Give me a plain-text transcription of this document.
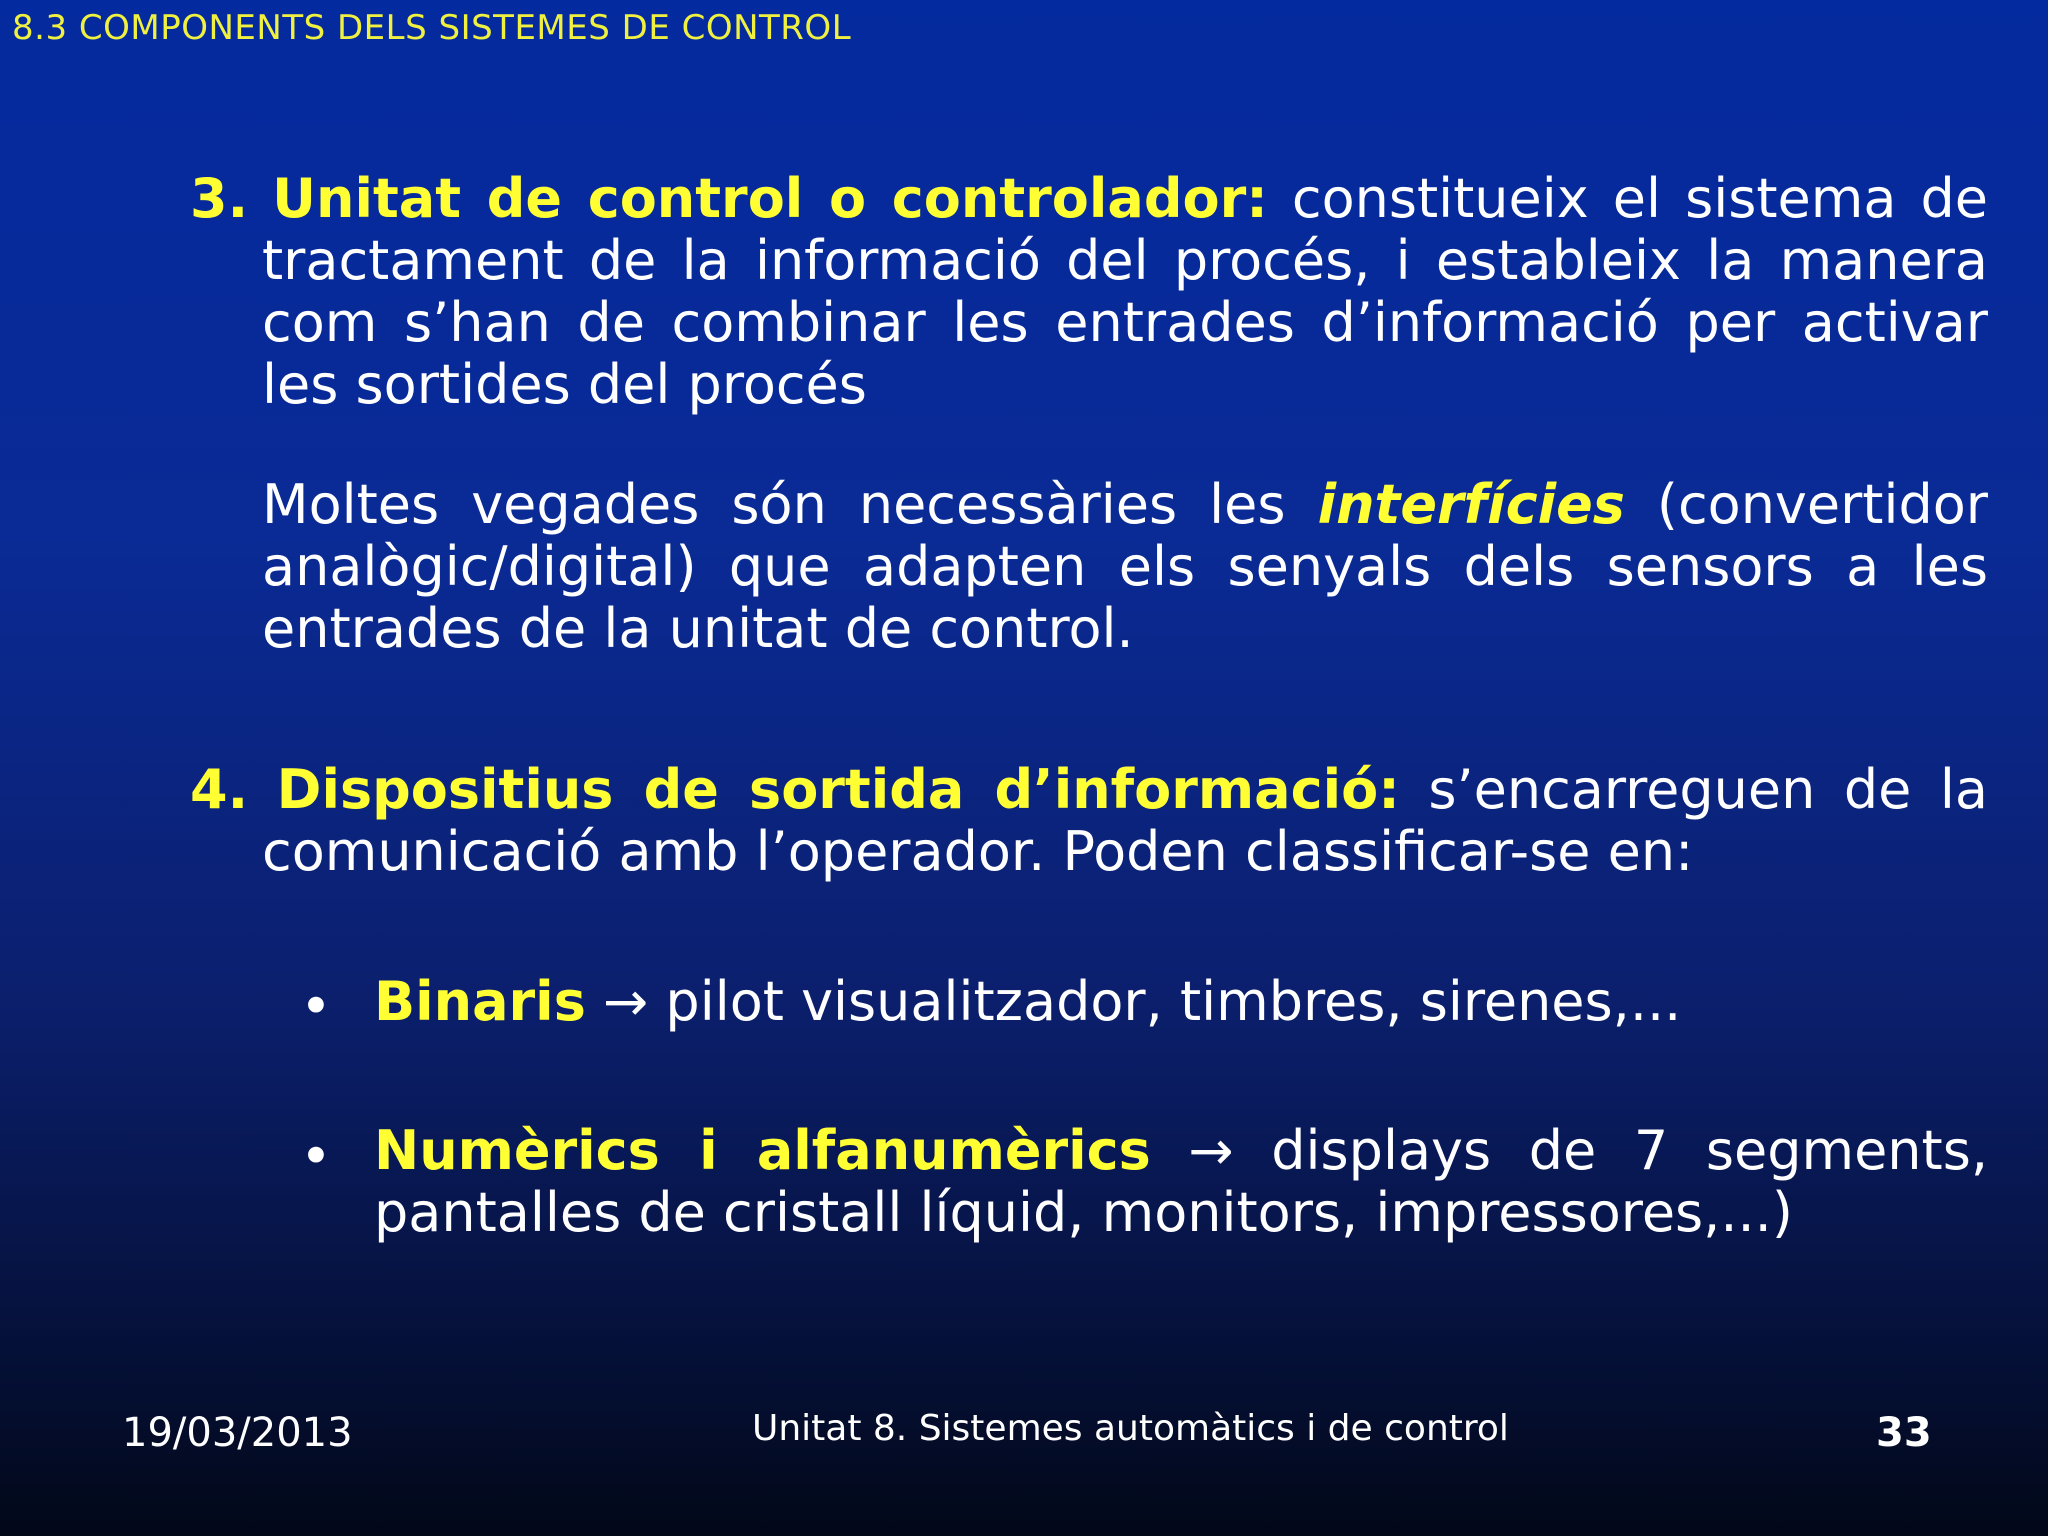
8.3 COMPONENTS DELS SISTEMES DE CONTROL
3. Unitat de control o controlador: constitueix el sistema de tractament de la informació del procés, i estableix la manera com s’han de combinar les entrades d’informació per activar les sortides del procés
Moltes vegades són necessàries les interfícies (convertidor analògic/digital) que adapten els senyals dels sensors a les entrades de la unitat de control.
4. Dispositius de sortida d’informació: s’encarreguen de la comunicació amb l’operador. Poden classificar-se en:
• Binaris → pilot visualitzador, timbres, sirenes,...
• Numèrics i alfanumèrics → displays de 7 segments, pantalles de cristall líquid, monitors, impressores,...)
19/03/2013	Unitat 8. Sistemes automàtics i de control	33
